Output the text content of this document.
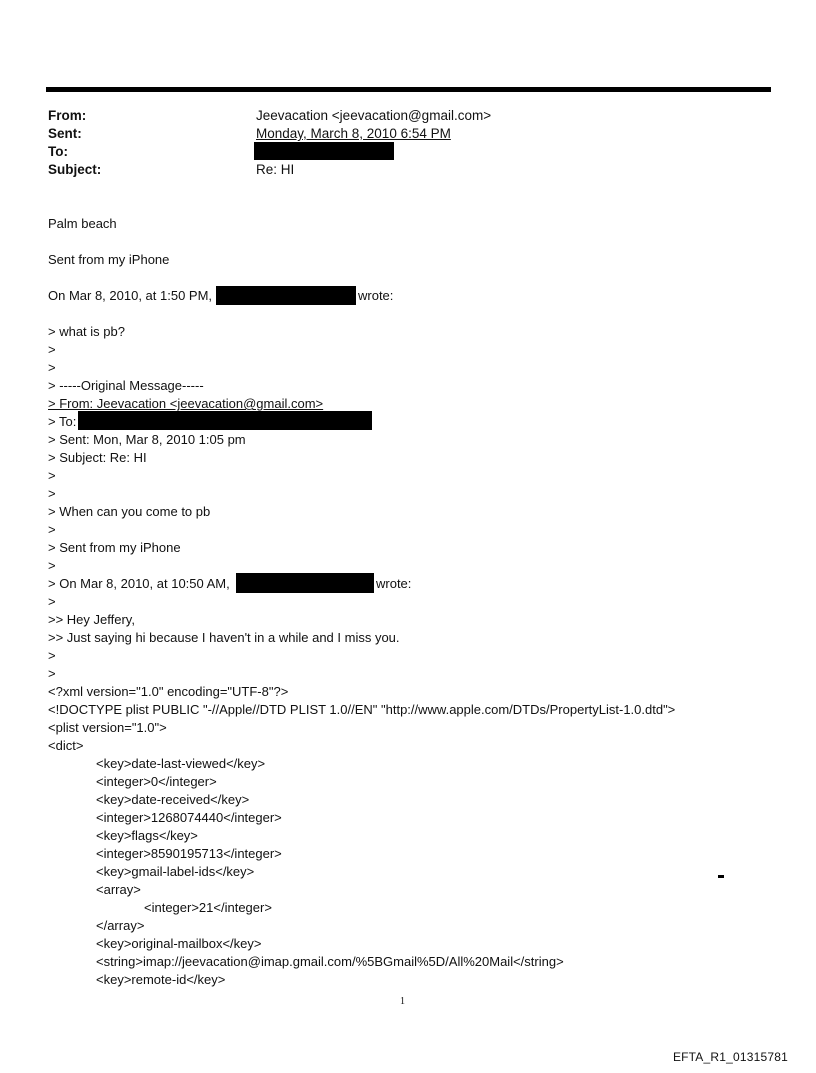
From:	Jeevacation <jeevacation@gmail.com>
Sent:	Monday, March 8, 2010 6:54 PM
To:
Subject:	Re: HI
Palm beach
Sent from my iPhone
On Mar 8, 2010, at 1:50 PM,	wrote:
> what is pb?
>
>
> -----Original Message-----
> From: Jeevacation <jeevacation@gmail.com>
> To:
> Sent: Mon, Mar 8, 2010 1:05 pm
> Subject: Re: HI
>
>
> When can you come to pb
>
> Sent from my iPhone
>
> On Mar 8, 2010, at 10:50 AM,	wrote:
>
>> Hey Jeffery,
>> Just saying hi because I haven't in a while and I miss you.
>
>
<?xml version="1.0" encoding="UTF-8"?>
<!DOCTYPE plist PUBLIC "-//Apple//DTD PLIST 1.0//EN" "http://www.apple.com/DTDs/PropertyList-1.0.dtd">
<plist version="1.0">
<dict>
<key>date-last-viewed</key>
<integer>0</integer>
<key>date-received</key>
<integer>1268074440</integer>
<key>flags</key>
<integer>8590195713</integer>
<key>gmail-label-ids</key>
<array>
<integer>21</integer>
</array>
<key>original-mailbox</key>
<string>imap://jeevacation@imap.gmail.com/%5BGmail%5D/All%20Mail</string>
<key>remote-id</key>
1
EFTA_R1_01315781
